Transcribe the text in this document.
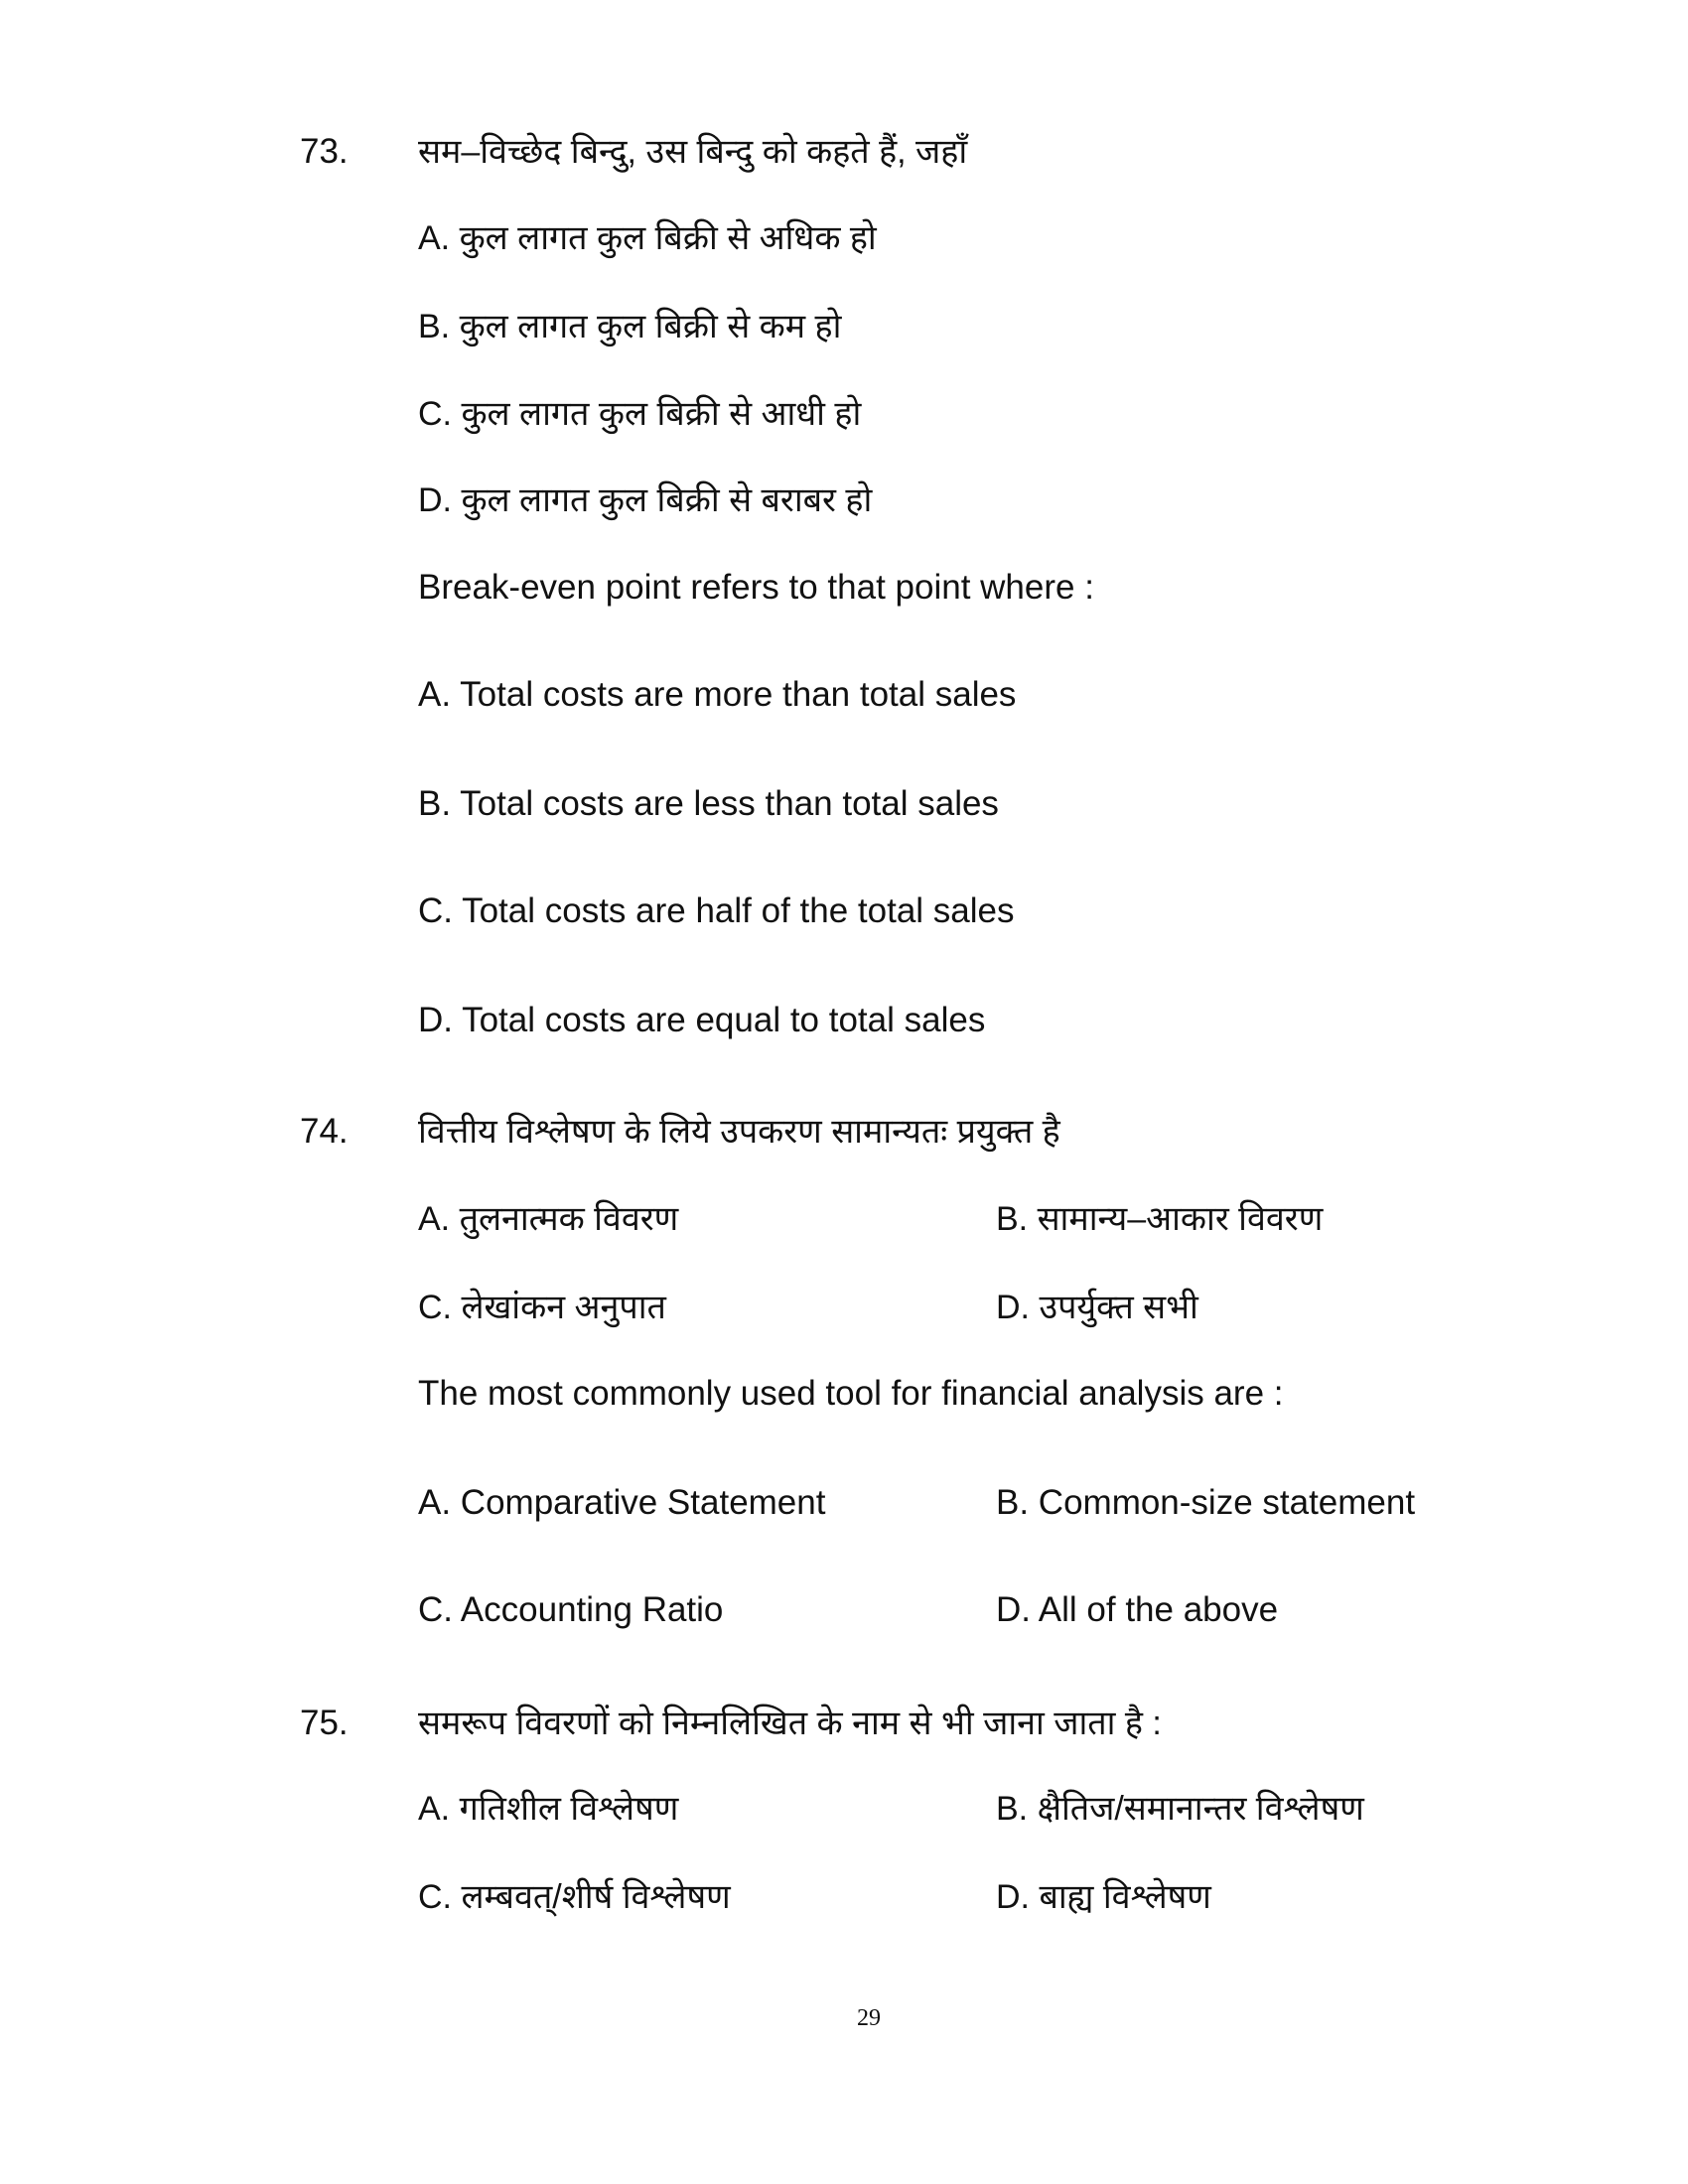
73. सम–विच्छेद बिन्दु, उस बिन्दु को कहते हैं, जहाँ
A. कुल लागत कुल बिक्री से अधिक हो
B. कुल लागत कुल बिक्री से कम हो
C. कुल लागत कुल बिक्री से आधी हो
D. कुल लागत कुल बिक्री से बराबर हो
Break-even point refers to that point where :
A. Total costs are more than total sales
B. Total costs are less than total sales
C. Total costs are half of the total sales
D. Total costs are equal to total sales
74. वित्तीय विश्लेषण के लिये उपकरण सामान्यतः प्रयुक्त है
A. तुलनात्मक विवरण	B. सामान्य–आकार विवरण
C. लेखांकन अनुपात	D. उपर्युक्त सभी
The most commonly used tool for financial analysis are :
A. Comparative Statement	B. Common-size statement
C. Accounting Ratio	D. All of the above
75. समरूप विवरणों को निम्नलिखित के नाम से भी जाना जाता है :
A. गतिशील विश्लेषण	B. क्षैतिज/समानान्तर विश्लेषण
C. लम्बवत्/शीर्ष विश्लेषण	D. बाह्य विश्लेषण
29
